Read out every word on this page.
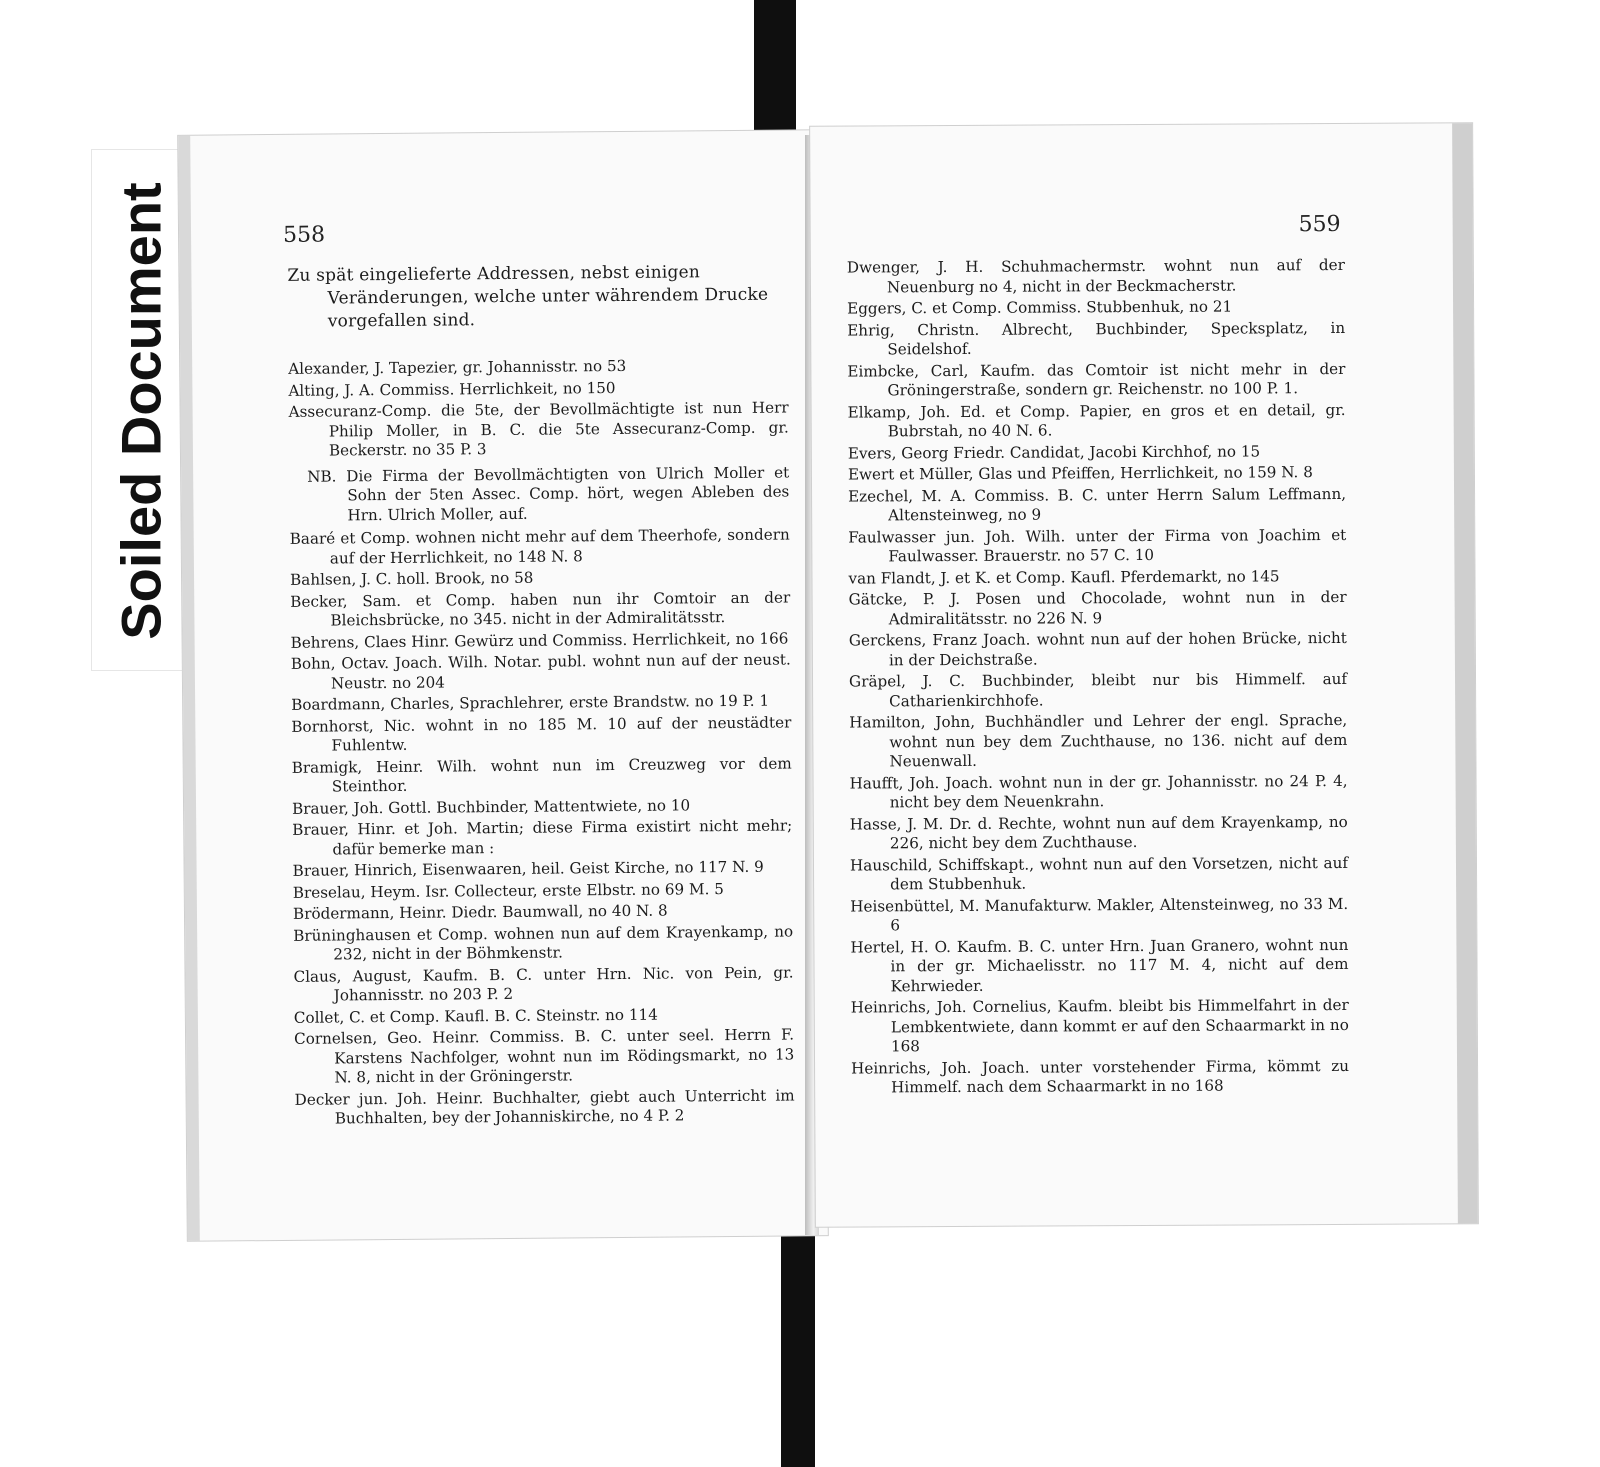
Soiled Document	558
Zu spät eingelieferte Addressen, nebst einigen Veränderungen, welche unter währendem Drucke vorgefallen sind.
Alexander, J. Tapezier, gr. Johannisstr. no 53
Alting, J. A. Commiss. Herrlichkeit, no 150
Assecuranz-Comp. die 5te, der Bevollmächtigte ist nun Herr Philip Moller, in B. C. die 5te Assecuranz-Comp. gr. Beckerstr. no 35 P. 3
NB. Die Firma der Bevollmächtigten von Ulrich Moller et Sohn der 5ten Assec. Comp. hört, wegen Ableben des Hrn. Ulrich Moller, auf.
Baaré et Comp. wohnen nicht mehr auf dem Theerhofe, sondern auf der Herrlichkeit, no 148 N. 8
Bahlsen, J. C. holl. Brook, no 58
Becker, Sam. et Comp. haben nun ihr Comtoir an der Bleichsbrücke, no 345. nicht in der Admiralitätsstr.
Behrens, Claes Hinr. Gewürz und Commiss. Herrlichkeit, no 166
Bohn, Octav. Joach. Wilh. Notar. publ. wohnt nun auf der neust. Neustr. no 204
Boardmann, Charles, Sprachlehrer, erste Brandstw. no 19 P. 1
Bornhorst, Nic. wohnt in no 185 M. 10 auf der neustädter Fuhlentw.
Bramigk, Heinr. Wilh. wohnt nun im Creuzweg vor dem Steinthor.
Brauer, Joh. Gottl. Buchbinder, Mattentwiete, no 10
Brauer, Hinr. et Joh. Martin; diese Firma existirt nicht mehr; dafür bemerke man :
Brauer, Hinrich, Eisenwaaren, heil. Geist Kirche, no 117 N. 9
Breselau, Heym. Isr. Collecteur, erste Elbstr. no 69 M. 5
Brödermann, Heinr. Diedr. Baumwall, no 40 N. 8
Brüninghausen et Comp. wohnen nun auf dem Krayenkamp, no 232, nicht in der Böhmkenstr.
Claus, August, Kaufm. B. C. unter Hrn. Nic. von Pein, gr. Johannisstr. no 203 P. 2
Collet, C. et Comp. Kaufl. B. C. Steinstr. no 114
Cornelsen, Geo. Heinr. Commiss. B. C. unter seel. Herrn F. Karstens Nachfolger, wohnt nun im Rödingsmarkt, no 13 N. 8, nicht in der Gröningerstr.
Decker jun. Joh. Heinr. Buchhalter, giebt auch Unterricht im Buchhalten, bey der Johanniskirche, no 4 P. 2
559
Dwenger, J. H. Schuhmachermstr. wohnt nun auf der Neuenburg no 4, nicht in der Beckmacherstr.
Eggers, C. et Comp. Commiss. Stubbenhuk, no 21
Ehrig, Christn. Albrecht, Buchbinder, Specksplatz, in Seidelshof.
Eimbcke, Carl, Kaufm. das Comtoir ist nicht mehr in der Gröningerstraße, sondern gr. Reichenstr. no 100 P. 1.
Elkamp, Joh. Ed. et Comp. Papier, en gros et en detail, gr. Bubrstah, no 40 N. 6.
Evers, Georg Friedr. Candidat, Jacobi Kirchhof, no 15
Ewert et Müller, Glas und Pfeiffen, Herrlichkeit, no 159 N. 8
Ezechel, M. A. Commiss. B. C. unter Herrn Salum Leffmann, Altensteinweg, no 9
Faulwasser jun. Joh. Wilh. unter der Firma von Joachim et Faulwasser. Brauerstr. no 57 C. 10
van Flandt, J. et K. et Comp. Kaufl. Pferdemarkt, no 145
Gätcke, P. J. Posen und Chocolade, wohnt nun in der Admiralitätsstr. no 226 N. 9
Gerckens, Franz Joach. wohnt nun auf der hohen Brücke, nicht in der Deichstraße.
Gräpel, J. C. Buchbinder, bleibt nur bis Himmelf. auf Catharienkirchhofe.
Hamilton, John, Buchhändler und Lehrer der engl. Sprache, wohnt nun bey dem Zuchthause, no 136. nicht auf dem Neuenwall.
Haufft, Joh. Joach. wohnt nun in der gr. Johannisstr. no 24 P. 4, nicht bey dem Neuenkrahn.
Hasse, J. M. Dr. d. Rechte, wohnt nun auf dem Krayenkamp, no 226, nicht bey dem Zuchthause.
Hauschild, Schiffskapt., wohnt nun auf den Vorsetzen, nicht auf dem Stubbenhuk.
Heisenbüttel, M. Manufakturw. Makler, Altensteinweg, no 33 M. 6
Hertel, H. O. Kaufm. B. C. unter Hrn. Juan Granero, wohnt nun in der gr. Michaelisstr. no 117 M. 4, nicht auf dem Kehrwieder.
Heinrichs, Joh. Cornelius, Kaufm. bleibt bis Himmelfahrt in der Lembkentwiete, dann kommt er auf den Schaarmarkt in no 168
Heinrichs, Joh. Joach. unter vorstehender Firma, kömmt zu Himmelf. nach dem Schaarmarkt in no 168
